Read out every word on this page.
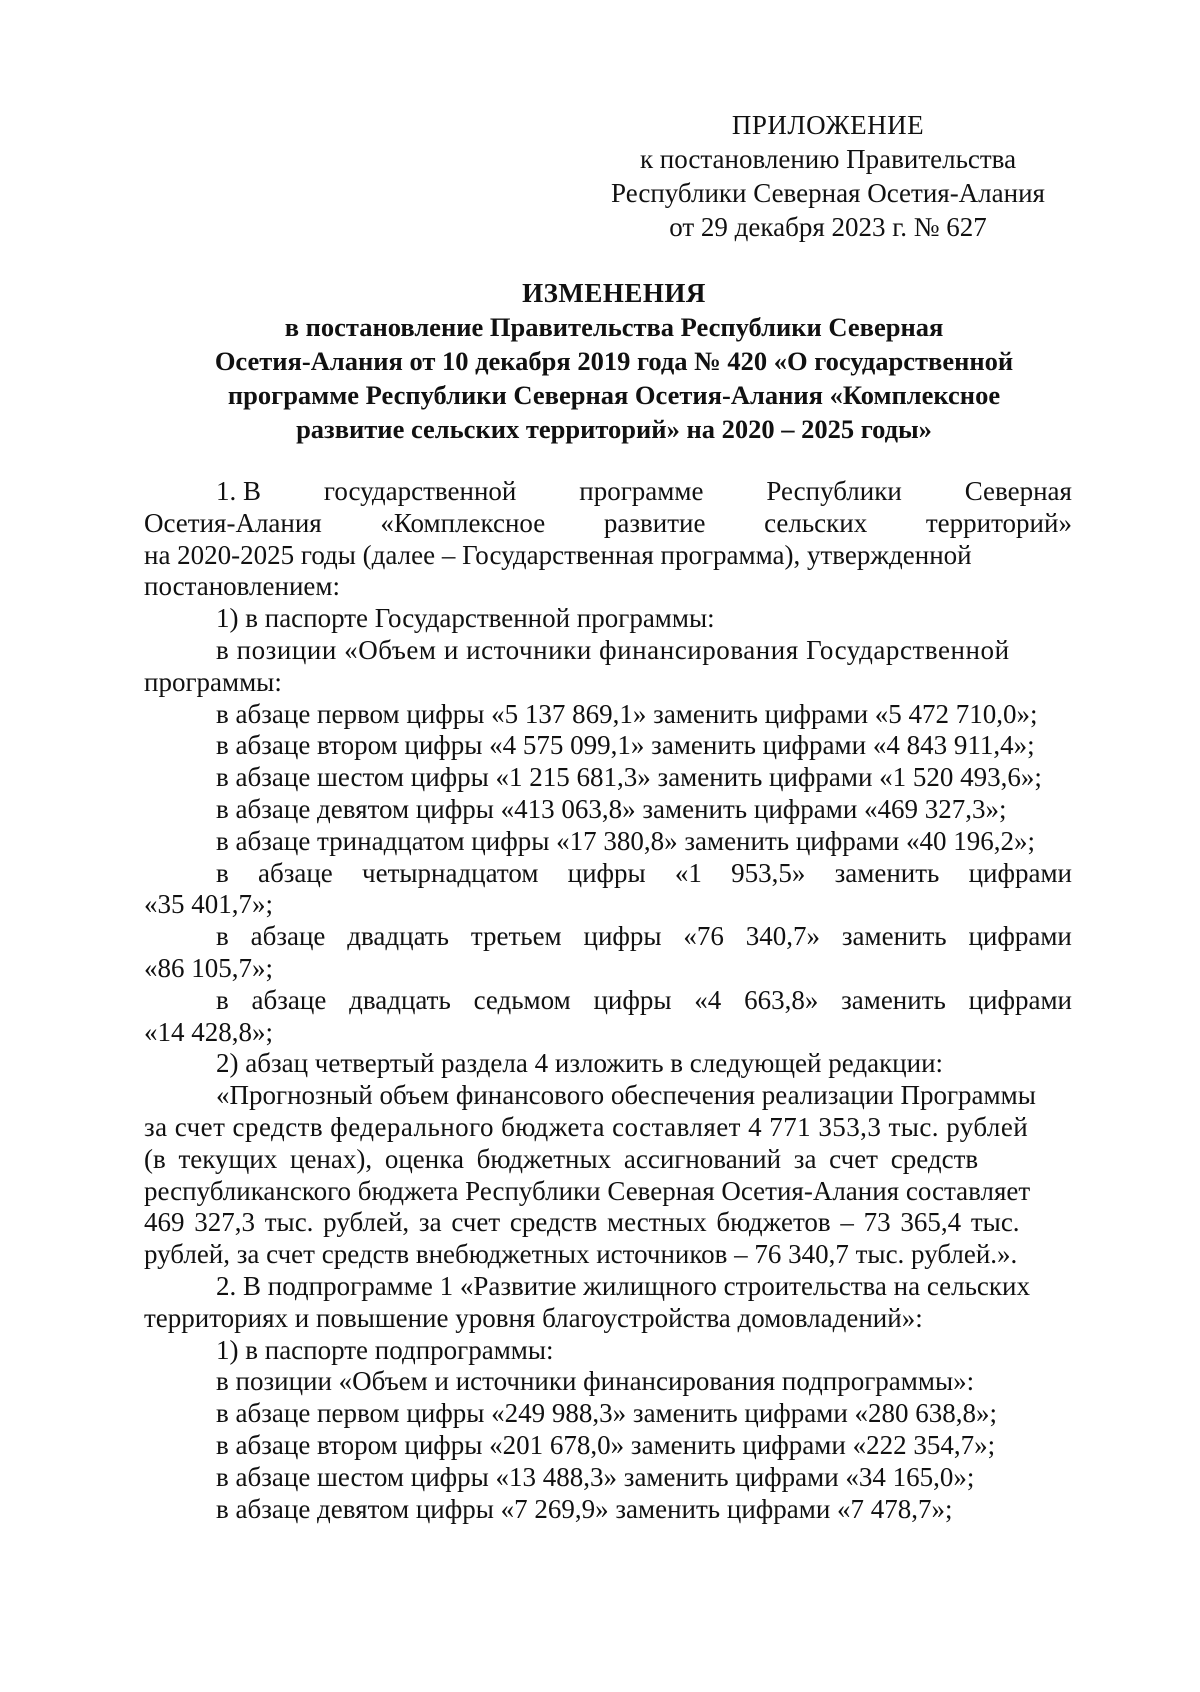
ПРИЛОЖЕНИЕ
к постановлению Правительства
Республики Северная Осетия-Алания
от 29 декабря 2023 г. № 627
ИЗМЕНЕНИЯ
в постановление Правительства Республики Северная
Осетия-Алания от 10 декабря 2019 года № 420 «О государственной
программе Республики Северная Осетия-Алания «Комплексное
развитие сельских территорий» на 2020 – 2025 годы»
1. В государственной программе Республики Северная
Осетия-Алания «Комплексное развитие сельских территорий»
на 2020-2025 годы (далее – Государственная программа), утвержденной
постановлением:
1) в паспорте Государственной программы:
в позиции «Объем и источники финансирования Государственной
программы:
в абзаце первом цифры «5 137 869,1» заменить цифрами «5 472 710,0»;
в абзаце втором цифры «4 575 099,1» заменить цифрами «4 843 911,4»;
в абзаце шестом цифры «1 215 681,3» заменить цифрами «1 520 493,6»;
в абзаце девятом цифры «413 063,8» заменить цифрами «469 327,3»;
в абзаце тринадцатом цифры «17 380,8» заменить цифрами «40 196,2»;
в абзаце четырнадцатом цифры «1 953,5» заменить цифрами
«35 401,7»;
в абзаце двадцать третьем цифры «76 340,7» заменить цифрами
«86 105,7»;
в абзаце двадцать седьмом цифры «4 663,8» заменить цифрами
«14 428,8»;
2) абзац четвертый раздела 4 изложить в следующей редакции:
«Прогнозный объем финансового обеспечения реализации Программы
за счет средств федерального бюджета составляет 4 771 353,3 тыс. рублей
(в текущих ценах), оценка бюджетных ассигнований за счет средств
республиканского бюджета Республики Северная Осетия-Алания составляет
469 327,3 тыс. рублей, за счет средств местных бюджетов – 73 365,4 тыс.
рублей, за счет средств внебюджетных источников – 76 340,7 тыс. рублей.».
2. В подпрограмме 1 «Развитие жилищного строительства на сельских
территориях и повышение уровня благоустройства домовладений»:
1) в паспорте подпрограммы:
в позиции «Объем и источники финансирования подпрограммы»:
в абзаце первом цифры «249 988,3» заменить цифрами «280 638,8»;
в абзаце втором цифры «201 678,0» заменить цифрами «222 354,7»;
в абзаце шестом цифры «13 488,3» заменить цифрами «34 165,0»;
в абзаце девятом цифры «7 269,9» заменить цифрами «7 478,7»;
